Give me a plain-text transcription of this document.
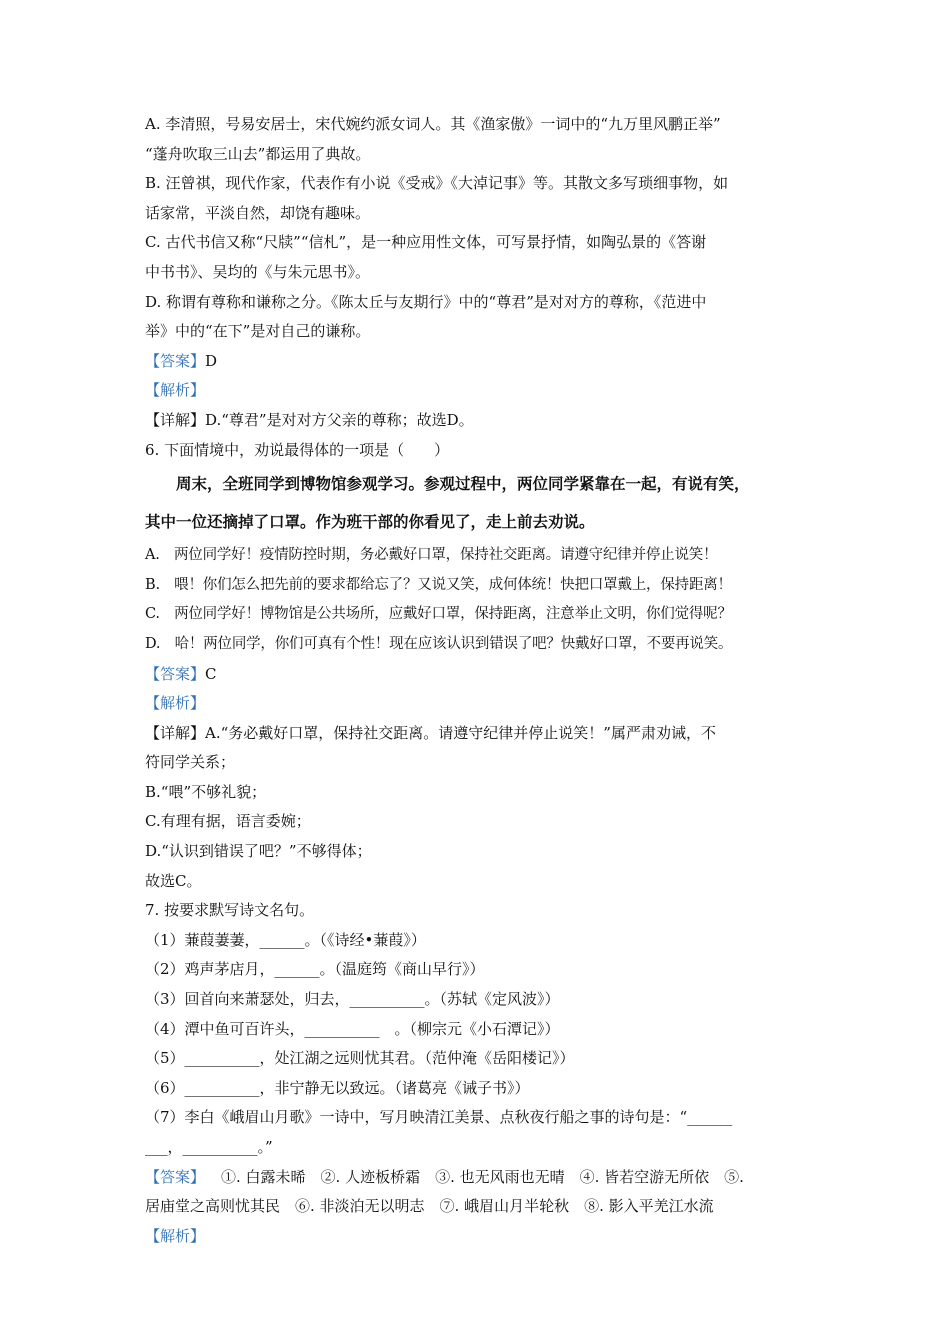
A. 李清照，号易安居士，宋代婉约派女词人。其《渔家傲》一词中的“九万里风鹏正举”
“蓬舟吹取三山去”都运用了典故。
B. 汪曾祺，现代作家，代表作有小说《受戒》《大淖记事》等。其散文多写琐细事物，如
话家常，平淡自然，却饶有趣味。
C. 古代书信又称“尺牍”“信札”，是一种应用性文体，可写景抒情，如陶弘景的《答谢
中书书》、吴均的《与朱元思书》。
D. 称谓有尊称和谦称之分。《陈太丘与友期行》中的“尊君”是对对方的尊称，《范进中
举》中的“在下”是对自己的谦称。
【答案】D
【解析】
【详解】D.“尊君”是对对方父亲的尊称；故选D。
6. 下面情境中，劝说最得体的一项是（　　）
周末，全班同学到博物馆参观学习。参观过程中，两位同学紧靠在一起，有说有笑，
其中一位还摘掉了口罩。作为班干部的你看见了，走上前去劝说。
A.　两位同学好！疫情防控时期，务必戴好口罩，保持社交距离。请遵守纪律并停止说笑！
B.　喂！你们怎么把先前的要求都给忘了？又说又笑，成何体统！快把口罩戴上，保持距离！
C.　两位同学好！博物馆是公共场所，应戴好口罩，保持距离，注意举止文明，你们觉得呢？
D.　哈！两位同学，你们可真有个性！现在应该认识到错误了吧？快戴好口罩，不要再说笑。
【答案】C
【解析】
【详解】A.“务必戴好口罩，保持社交距离。请遵守纪律并停止说笑！”属严肃劝诫，不
符同学关系；
B.“喂”不够礼貌；
C.有理有据，语言委婉；
D.“认识到错误了吧？”不够得体；
故选C。
7. 按要求默写诗文名句。
（1）蒹葭萋萋，______。（《诗经•蒹葭》）
（2）鸡声茅店月，______。（温庭筠《商山早行》）
（3）回首向来萧瑟处，归去，__________。（苏轼《定风波》）
（4）潭中鱼可百许头，__________　。（柳宗元《小石潭记》）
（5）__________，处江湖之远则忧其君。（范仲淹《岳阳楼记》）
（6）__________，非宁静无以致远。（诸葛亮《诫子书》）
（7）李白《峨眉山月歌》一诗中，写月映清江美景、点秋夜行船之事的诗句是：“______
___，__________。”
【答案】 ①. 白露未晞　②. 人迹板桥霜　③. 也无风雨也无晴　④. 皆若空游无所依　⑤.
居庙堂之高则忧其民　⑥. 非淡泊无以明志　⑦. 峨眉山月半轮秋　⑧. 影入平羌江水流
【解析】
